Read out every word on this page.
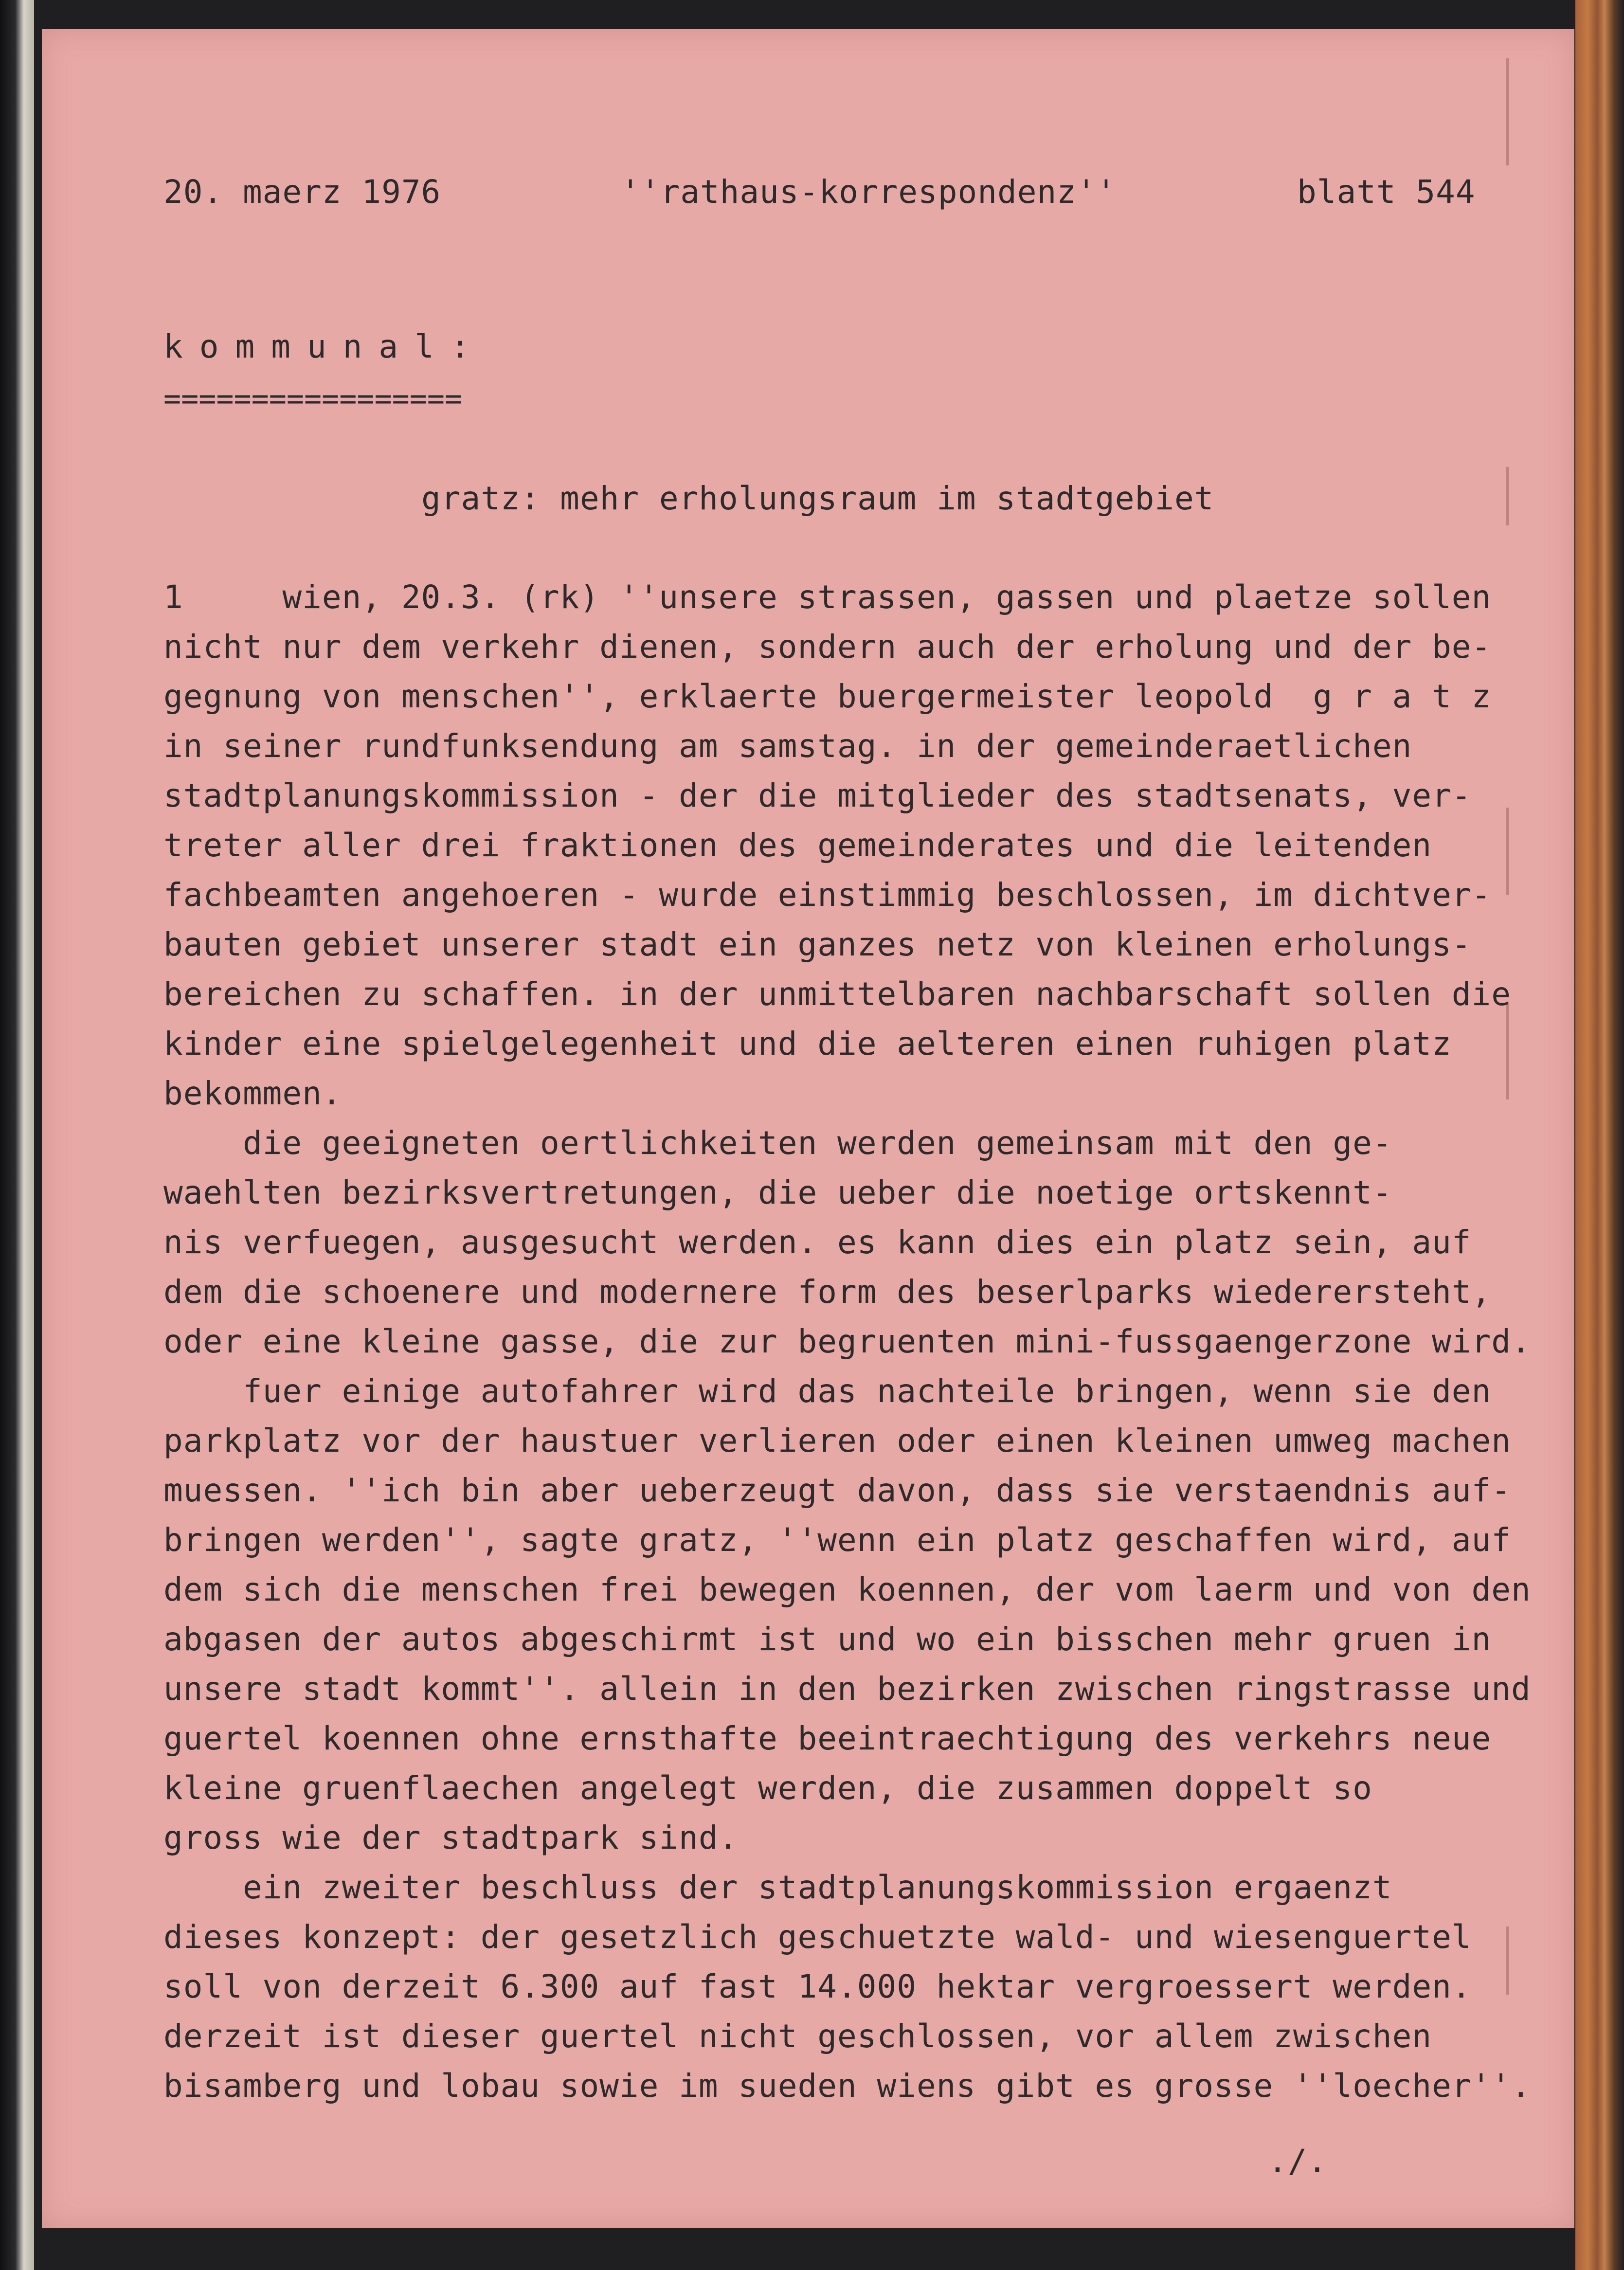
20. maerz 1976	''rathaus-korrespondenz''	blatt 544
kommunal:
=================
gratz: mehr erholungsraum im stadtgebiet
1     wien, 20.3. (rk) ''unsere strassen, gassen und plaetze sollen
nicht nur dem verkehr dienen, sondern auch der erholung und der be-
gegnung von menschen'', erklaerte buergermeister leopold  g r a t z
in seiner rundfunksendung am samstag. in der gemeinderaetlichen
stadtplanungskommission - der die mitglieder des stadtsenats, ver-
treter aller drei fraktionen des gemeinderates und die leitenden
fachbeamten angehoeren - wurde einstimmig beschlossen, im dichtver-
bauten gebiet unserer stadt ein ganzes netz von kleinen erholungs-
bereichen zu schaffen. in der unmittelbaren nachbarschaft sollen die
kinder eine spielgelegenheit und die aelteren einen ruhigen platz
bekommen.
die geeigneten oertlichkeiten werden gemeinsam mit den ge-
waehlten bezirksvertretungen, die ueber die noetige ortskennt-
nis verfuegen, ausgesucht werden. es kann dies ein platz sein, auf
dem die schoenere und modernere form des beserlparks wiederersteht,
oder eine kleine gasse, die zur begruenten mini-fussgaengerzone wird.
fuer einige autofahrer wird das nachteile bringen, wenn sie den
parkplatz vor der haustuer verlieren oder einen kleinen umweg machen
muessen. ''ich bin aber ueberzeugt davon, dass sie verstaendnis auf-
bringen werden'', sagte gratz, ''wenn ein platz geschaffen wird, auf
dem sich die menschen frei bewegen koennen, der vom laerm und von den
abgasen der autos abgeschirmt ist und wo ein bisschen mehr gruen in
unsere stadt kommt''. allein in den bezirken zwischen ringstrasse und
guertel koennen ohne ernsthafte beeintraechtigung des verkehrs neue
kleine gruenflaechen angelegt werden, die zusammen doppelt so
gross wie der stadtpark sind.
ein zweiter beschluss der stadtplanungskommission ergaenzt
dieses konzept: der gesetzlich geschuetzte wald- und wiesenguertel
soll von derzeit 6.300 auf fast 14.000 hektar vergroessert werden.
derzeit ist dieser guertel nicht geschlossen, vor allem zwischen
bisamberg und lobau sowie im sueden wiens gibt es grosse ''loecher''.
./.
